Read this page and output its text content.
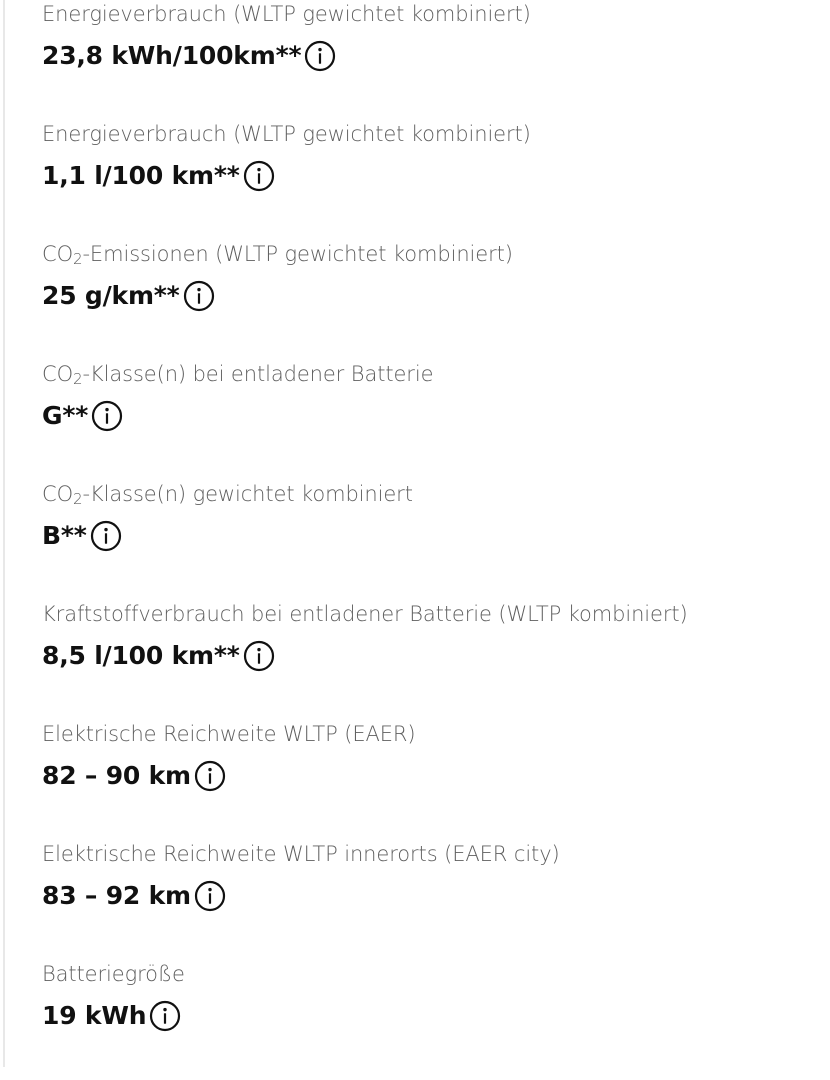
Energieverbrauch (WLTP gewichtet kombiniert)
23,8 kWh/100km**
Energieverbrauch (WLTP gewichtet kombiniert)
1,1 l/100 km**
$CO_2$-Emissionen (WLTP gewichtet kombiniert)
25 g/km**
$CO_2-Klasse(n)$ bei entladener Batterie
G**
$CO_2-Klasse(n)$ gewichtet kombiniert
B**
Kraftstoffverbrauch bei entladener Batterie (WLTP kombiniert)
8,5 l/100 km**
Elektrische Reichweite WLTP (EAER)
82 – 90 km
Elektrische Reichweite WLTP innerorts (EAER city)
83 – 92 km
Batteriegröße
19 kWh
